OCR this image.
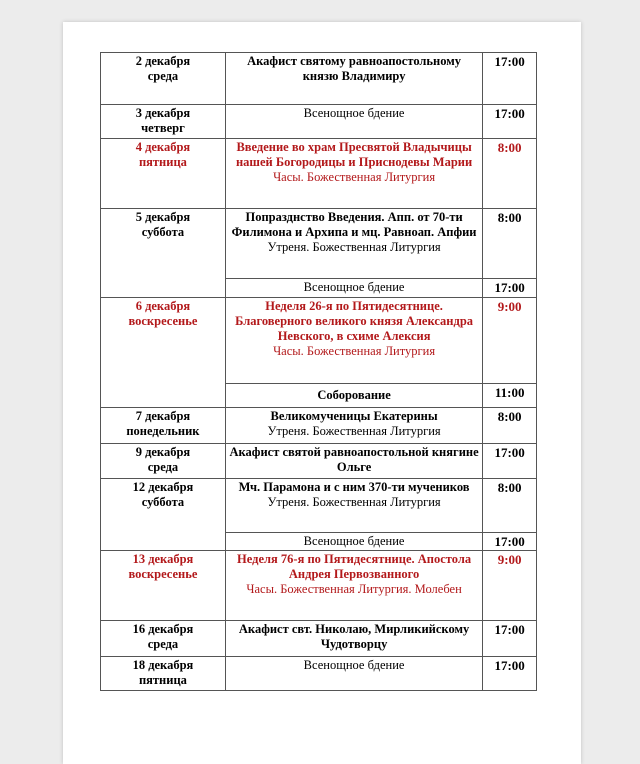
2 декабря
среда	Акафист святому равноапостольному князю Владимиру	17:00

3 декабря
четверг	Всенощное бдение	17:00

4 декабря
пятница	Введение во храм Пресвятой Владычицы нашей Богородицы и Приснодевы Марии
Часы. Божественная Литургия	8:00

5 декабря
суббота	Попразднство Введения. Апп. от 70-ти Филимона и Архипа и мц. Равноап. Апфии
Утреня. Божественная Литургия	8:00

	Всенощное бдение	17:00

6 декабря
воскресенье	Неделя 26-я по Пятидесятнице. Благоверного великого князя Александра Невского, в схиме Алексия
Часы. Божественная Литургия	9:00

	Соборование	11:00

7 декабря
понедельник	Великомученицы Екатерины
Утреня. Божественная Литургия	8:00

9 декабря
среда	Акафист святой равноапостольной княгине Ольге	17:00

12 декабря
суббота	Мч. Парамона и с ним 370-ти мучеников
Утреня. Божественная Литургия	8:00

	Всенощное бдение	17:00

13 декабря
воскресенье	Неделя 76-я по Пятидесятнице. Апостола Андрея Первозванного
Часы. Божественная Литургия. Молебен	9:00

16 декабря
среда	Акафист свт. Николаю, Мирликийскому Чудотворцу	17:00

18 декабря
пятница	Всенощное бдение	17:00
